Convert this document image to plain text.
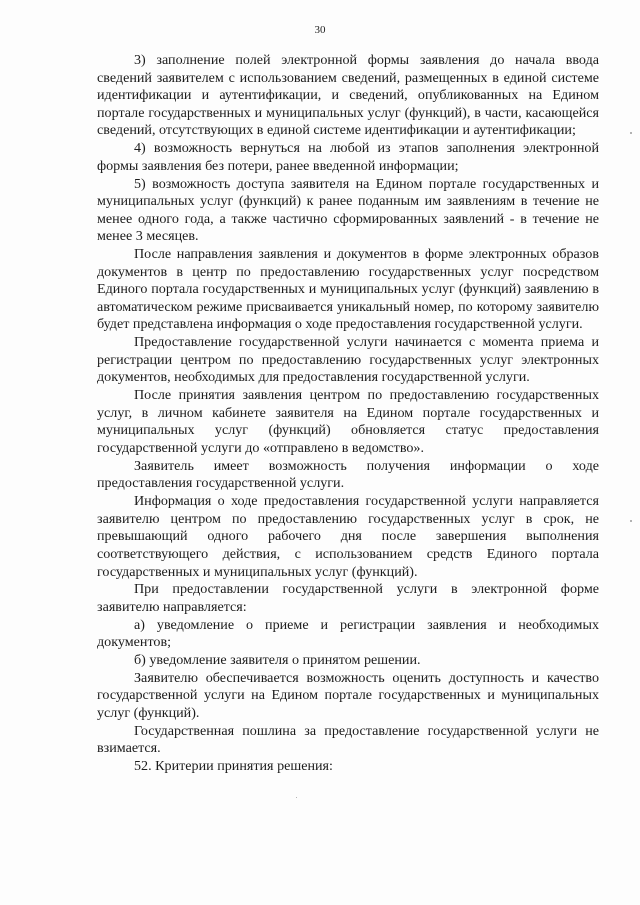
30

3) заполнение полей электронной формы заявления до начала ввода сведений заявителем с использованием сведений, размещенных в единой системе идентификации и аутентификации, и сведений, опубликованных на Едином портале государственных и муниципальных услуг (функций), в части, касающейся сведений, отсутствующих в единой системе идентификации и аутентификации;

4) возможность вернуться на любой из этапов заполнения электронной формы заявления без потери, ранее введенной информации;

5) возможность доступа заявителя на Едином портале государственных и муниципальных услуг (функций) к ранее поданным им заявлениям в течение не менее одного года, а также частично сформированных заявлений - в течение не менее 3 месяцев.

После направления заявления и документов в форме электронных образов документов в центр по предоставлению государственных услуг посредством Единого портала государственных и муниципальных услуг (функций) заявлению в автоматическом режиме присваивается уникальный номер, по которому заявителю будет представлена информация о ходе предоставления государственной услуги.

Предоставление государственной услуги начинается с момента приема и регистрации центром по предоставлению государственных услуг электронных документов, необходимых для предоставления государственной услуги.

После принятия заявления центром по предоставлению государственных услуг, в личном кабинете заявителя на Едином портале государственных и муниципальных услуг (функций) обновляется статус предоставления государственной услуги до «отправлено в ведомство».

Заявитель имеет возможность получения информации о ходе предоставления государственной услуги.

Информация о ходе предоставления государственной услуги направляется заявителю центром по предоставлению государственных услуг в срок, не превышающий одного рабочего дня после завершения выполнения соответствующего действия, с использованием средств Единого портала государственных и муниципальных услуг (функций).

При предоставлении государственной услуги в электронной форме заявителю направляется:

а) уведомление о приеме и регистрации заявления и необходимых документов;

б) уведомление заявителя о принятом решении.

Заявителю обеспечивается возможность оценить доступность и качество государственной услуги на Едином портале государственных и муниципальных услуг (функций).

Государственная пошлина за предоставление государственной услуги не взимается.

52. Критерии принятия решения:
